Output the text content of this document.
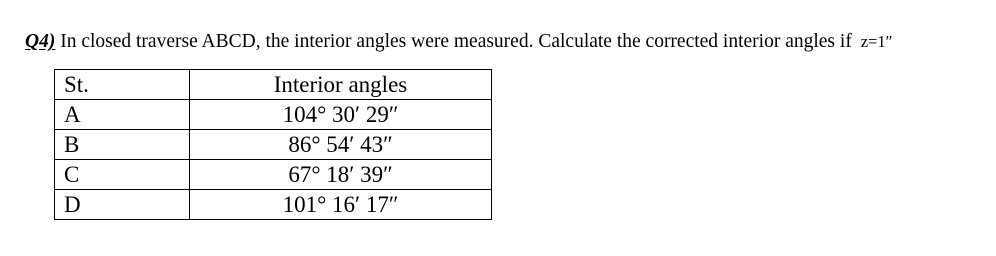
Q4) In closed traverse ABCD, the interior angles were measured. Calculate the corrected interior angles if z=1″
St.	Interior angles
A	104° 30′ 29″
B	86° 54′ 43″
C	67° 18′ 39″
D	101° 16′ 17″
